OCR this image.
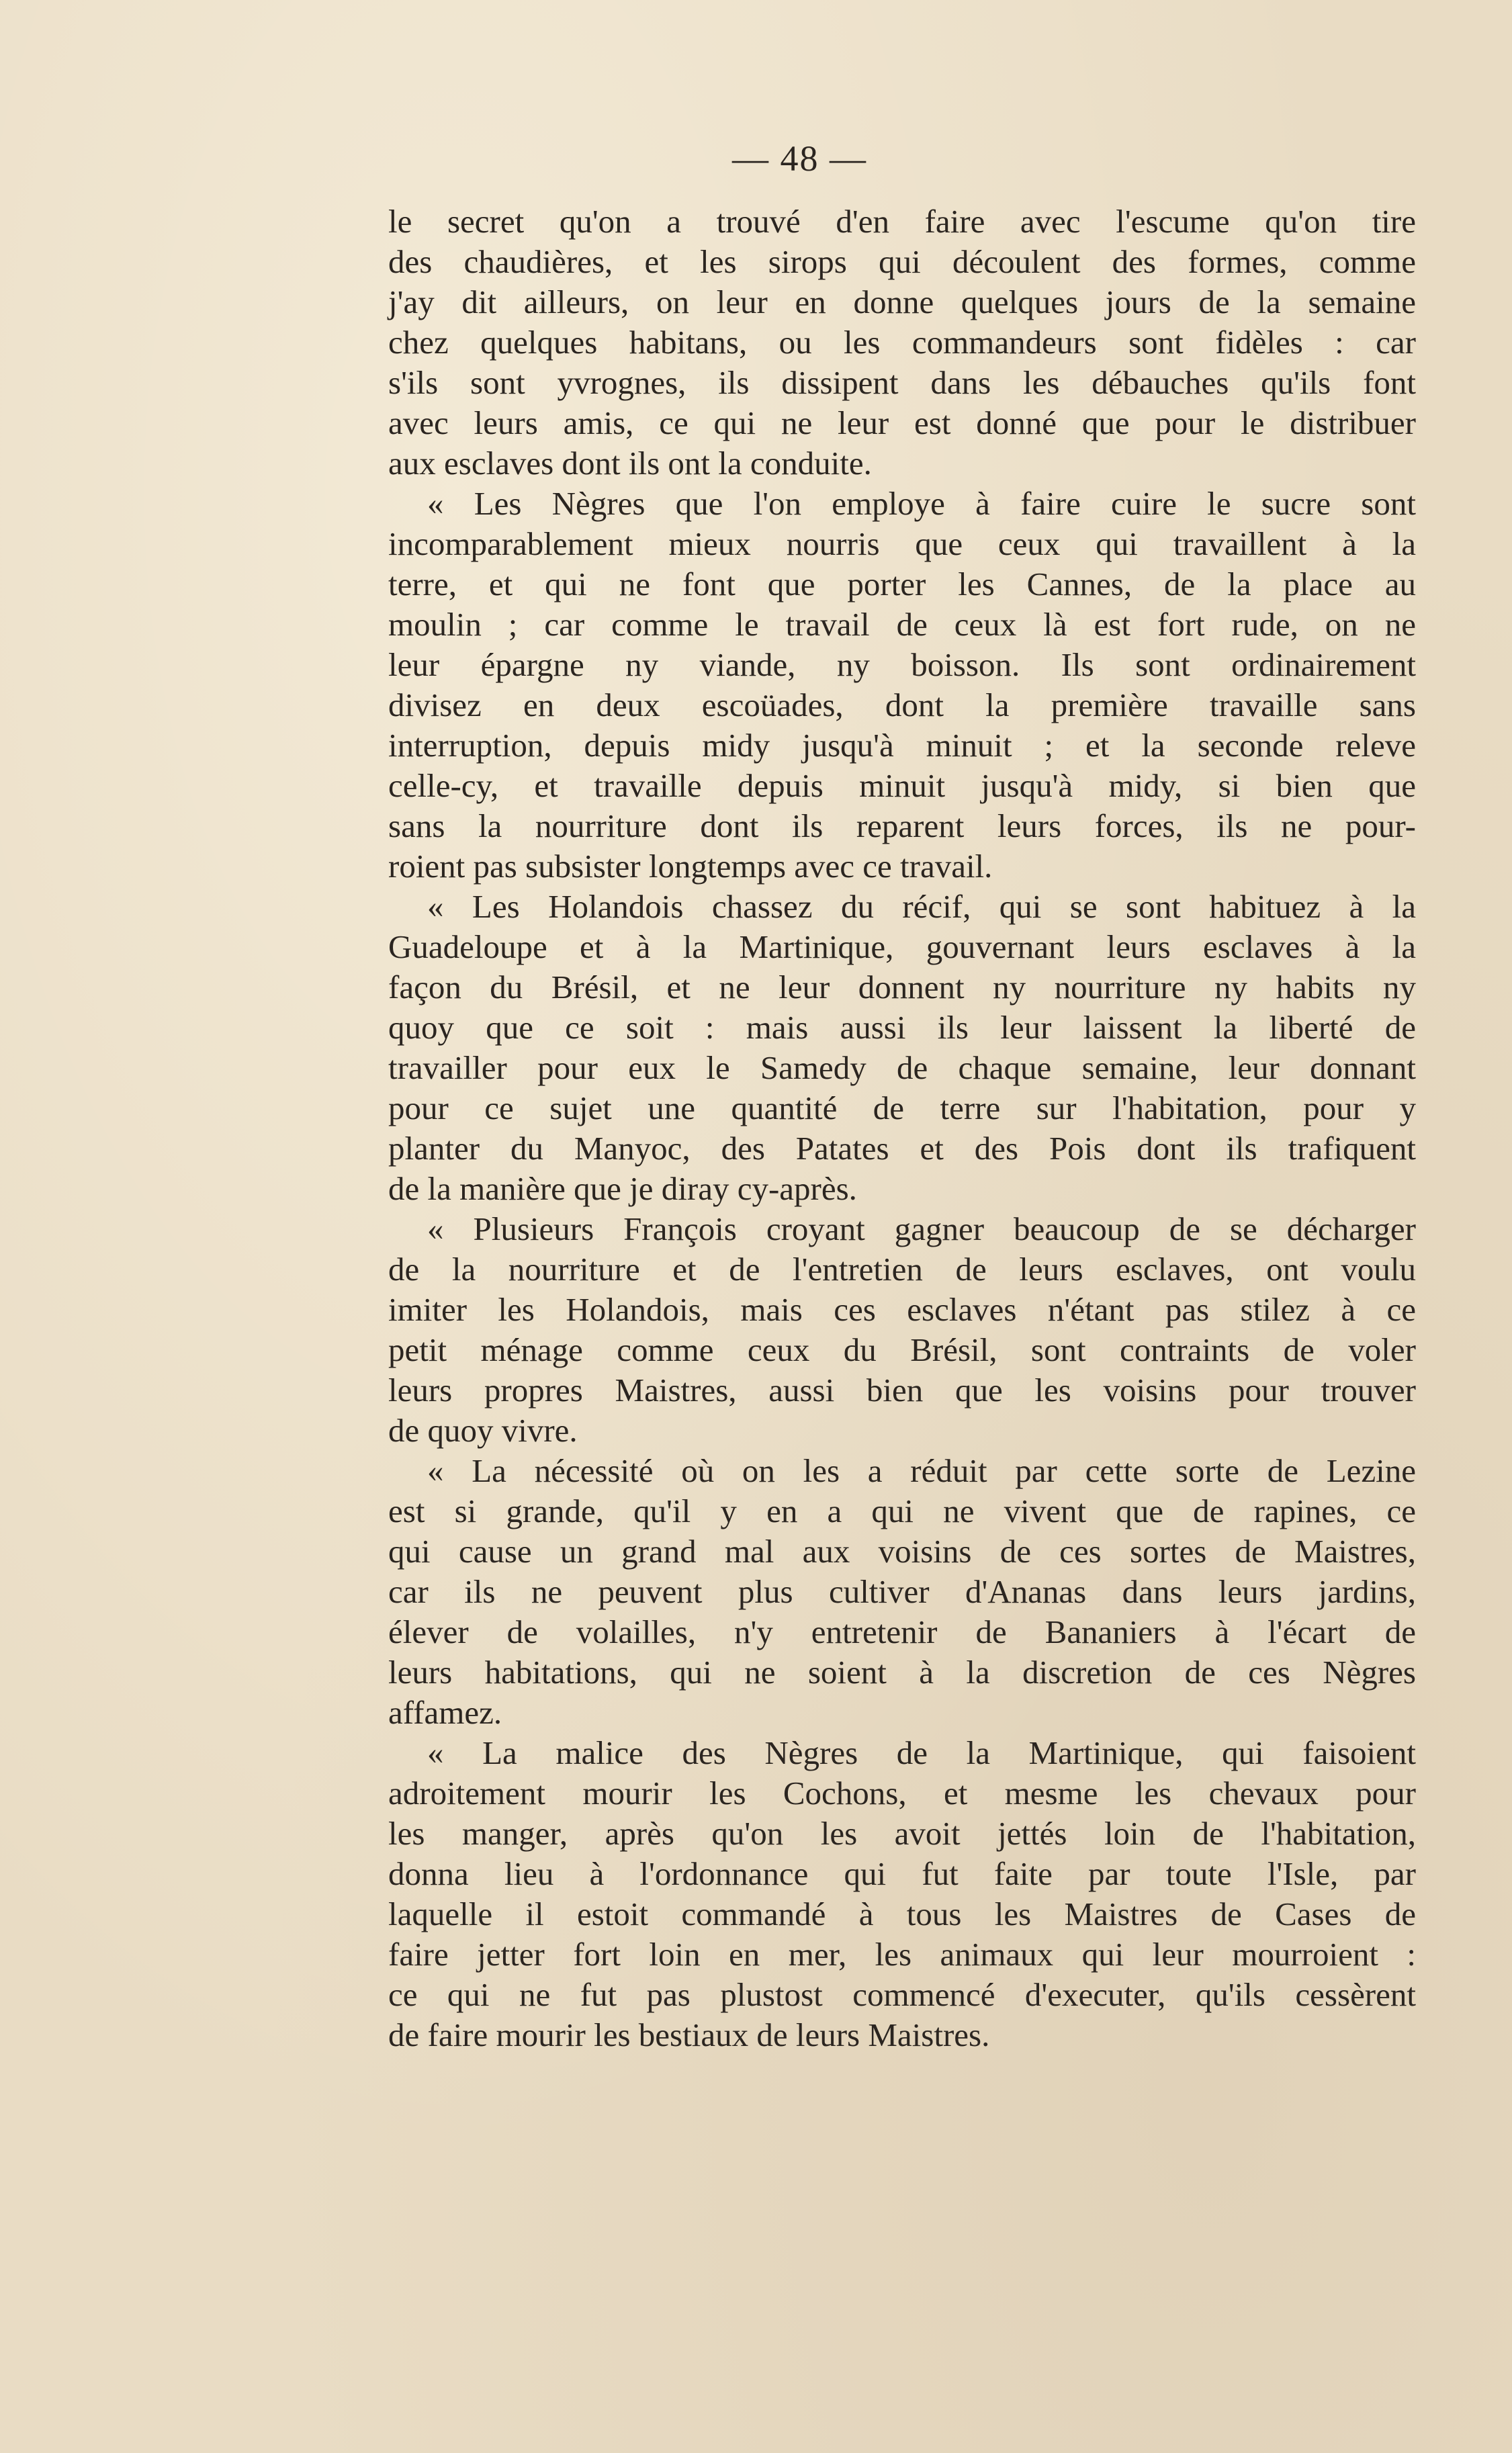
— 48 —
le secret qu'on a trouvé d'en faire avec l'escume qu'on tire
des chaudières, et les sirops qui découlent des formes, comme
j'ay dit ailleurs, on leur en donne quelques jours de la semaine
chez quelques habitans, ou les commandeurs sont fidèles : car
s'ils sont yvrognes, ils dissipent dans les débauches qu'ils font
avec leurs amis, ce qui ne leur est donné que pour le distribuer
aux esclaves dont ils ont la conduite.
« Les Nègres que l'on employe à faire cuire le sucre sont
incomparablement mieux nourris que ceux qui travaillent à la
terre, et qui ne font que porter les Cannes, de la place au
moulin ; car comme le travail de ceux là est fort rude, on ne
leur épargne ny viande, ny boisson. Ils sont ordinairement
divisez en deux escoüades, dont la première travaille sans
interruption, depuis midy jusqu'à minuit ; et la seconde releve
celle-cy, et travaille depuis minuit jusqu'à midy, si bien que
sans la nourriture dont ils reparent leurs forces, ils ne pour-
roient pas subsister longtemps avec ce travail.
« Les Holandois chassez du récif, qui se sont habituez à la
Guadeloupe et à la Martinique, gouvernant leurs esclaves à la
façon du Brésil, et ne leur donnent ny nourriture ny habits ny
quoy que ce soit : mais aussi ils leur laissent la liberté de
travailler pour eux le Samedy de chaque semaine, leur donnant
pour ce sujet une quantité de terre sur l'habitation, pour y
planter du Manyoc, des Patates et des Pois dont ils trafiquent
de la manière que je diray cy-après.
« Plusieurs François croyant gagner beaucoup de se décharger
de la nourriture et de l'entretien de leurs esclaves, ont voulu
imiter les Holandois, mais ces esclaves n'étant pas stilez à ce
petit ménage comme ceux du Brésil, sont contraints de voler
leurs propres Maistres, aussi bien que les voisins pour trouver
de quoy vivre.
« La nécessité où on les a réduit par cette sorte de Lezine
est si grande, qu'il y en a qui ne vivent que de rapines, ce
qui cause un grand mal aux voisins de ces sortes de Maistres,
car ils ne peuvent plus cultiver d'Ananas dans leurs jardins,
élever de volailles, n'y entretenir de Bananiers à l'écart de
leurs habitations, qui ne soient à la discretion de ces Nègres
affamez.
« La malice des Nègres de la Martinique, qui faisoient
adroitement mourir les Cochons, et mesme les chevaux pour
les manger, après qu'on les avoit jettés loin de l'habitation,
donna lieu à l'ordonnance qui fut faite par toute l'Isle, par
laquelle il estoit commandé à tous les Maistres de Cases de
faire jetter fort loin en mer, les animaux qui leur mourroient :
ce qui ne fut pas plustost commencé d'executer, qu'ils cessèrent
de faire mourir les bestiaux de leurs Maistres.
